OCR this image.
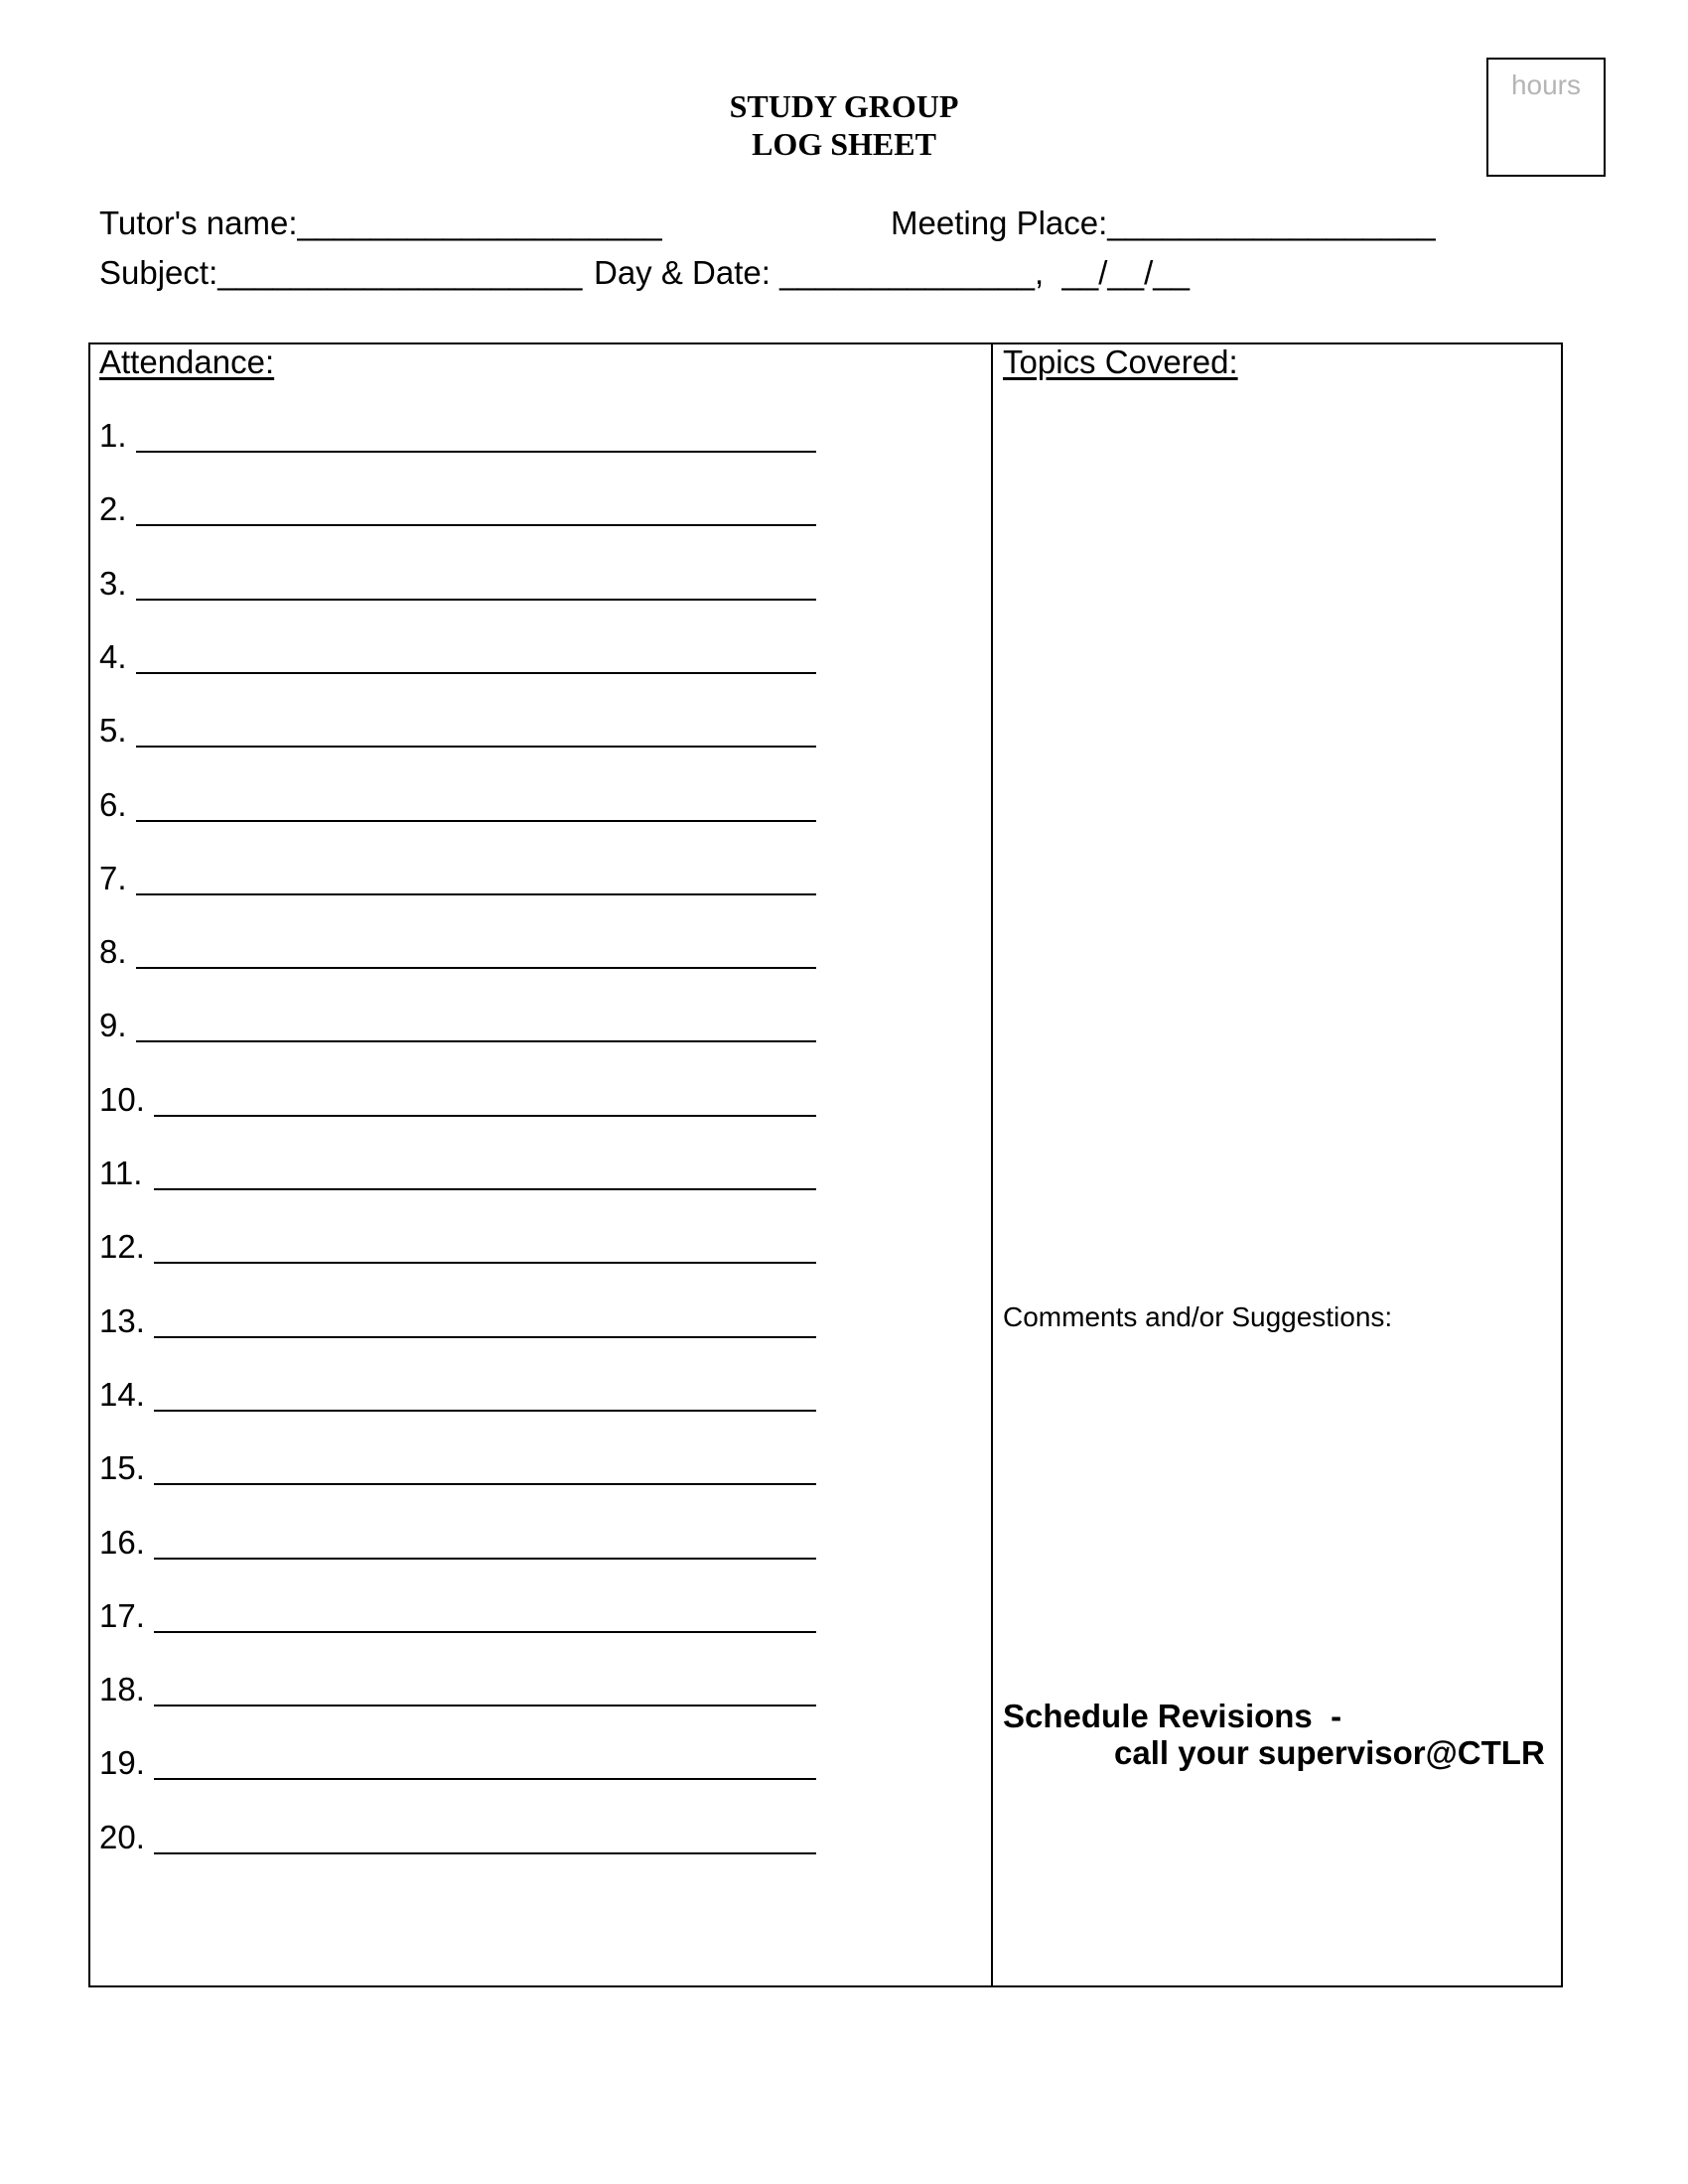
hours
STUDY GROUP
LOG SHEET
Tutor's name:____________________	Meeting Place:__________________
Subject:____________________ Day & Date: ______________,  __/__/__
Attendance:	Topics Covered:
1.
2.
3.
4.
5.
6.
7.
8.
9.
10.
11.
12.
13.
14.
15.
16.
17.
18.
19.
20.
Comments and/or Suggestions:
Schedule Revisions  -
call your supervisor@CTLR
